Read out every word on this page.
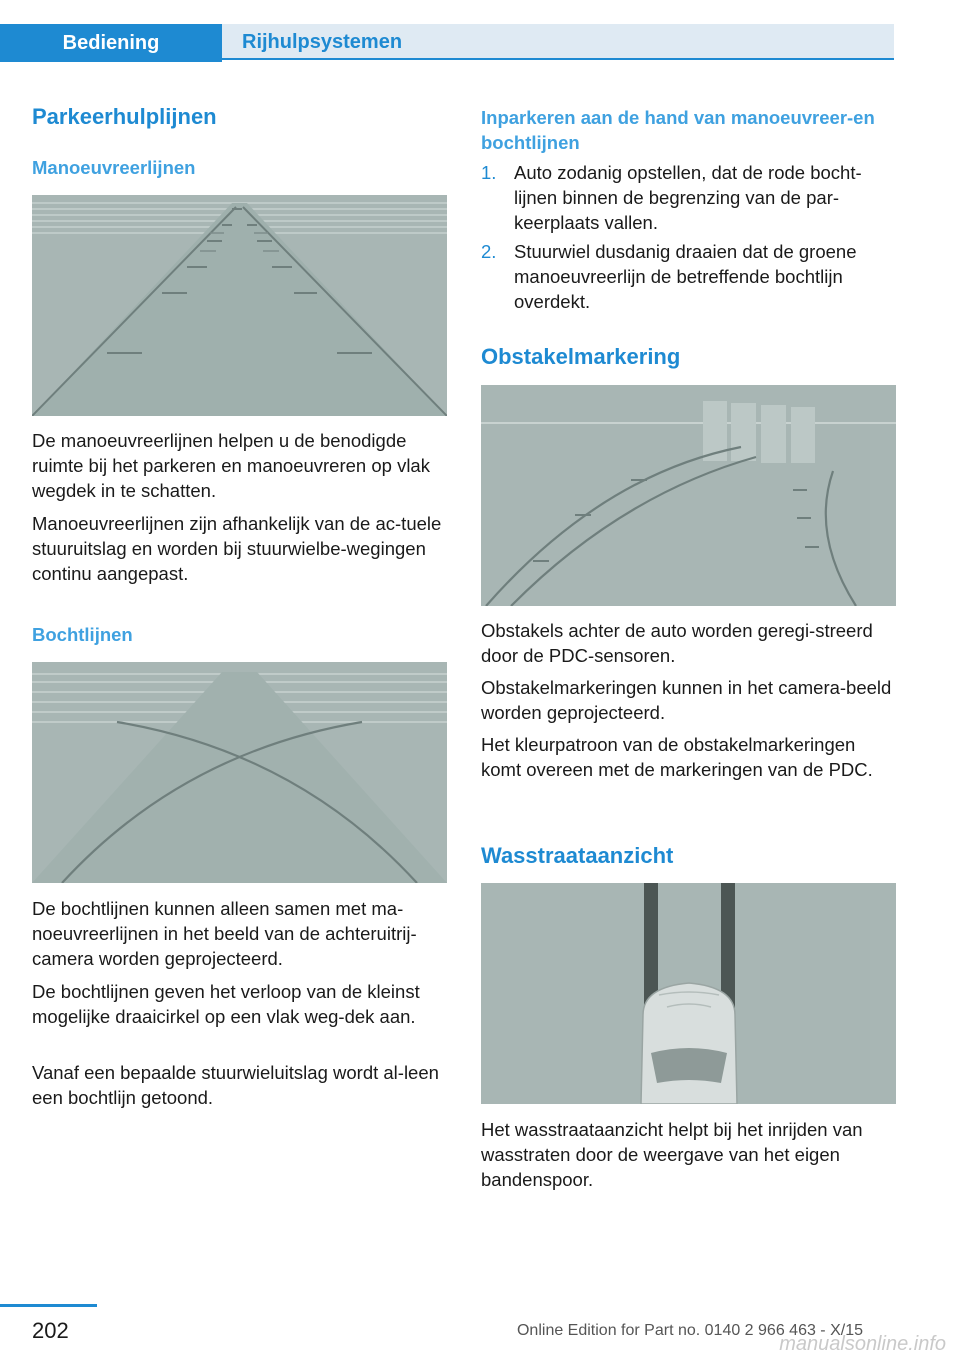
Bediening	Rijhulpsystemen
Parkeerhulplijnen
Manoeuvreerlijnen

De manoeuvreerlijnen helpen u de benodigde ruimte bij het parkeren en manoeuvreren op vlak wegdek in te schatten.

Manoeuvreerlijnen zijn afhankelijk van de ac-tuele stuuruitslag en worden bij stuurwielbe-wegingen continu aangepast.

Bochtlijnen

De bochtlijnen kunnen alleen samen met ma-noeuvreerlijnen in het beeld van de achteruitrij-camera worden geprojecteerd.

De bochtlijnen geven het verloop van de kleinst mogelijke draaicirkel op een vlak weg-dek aan.

Vanaf een bepaalde stuurwieluitslag wordt al-leen een bochtlijn getoond.

Inparkeren aan de hand van manoeuvreer-en bochtlijnen
1. Auto zodanig opstellen, dat de rode bocht-lijnen binnen de begrenzing van de par-keerplaats vallen.
2. Stuurwiel dusdanig draaien dat de groene manoeuvreerlijn de betreffende bochtlijn overdekt.
Obstakelmarkering

Obstakels achter de auto worden geregi-streerd door de PDC-sensoren.

Obstakelmarkeringen kunnen in het camera-beeld worden geprojecteerd.

Het kleurpatroon van de obstakelmarkeringen komt overeen met de markeringen van de PDC.

Wasstraataanzicht

Het wasstraataanzicht helpt bij het inrijden van wasstraten door de weergave van het eigen bandenspoor.

202	Online Edition for Part no. 0140 2 966 463 - X/15
manualsonline.info
